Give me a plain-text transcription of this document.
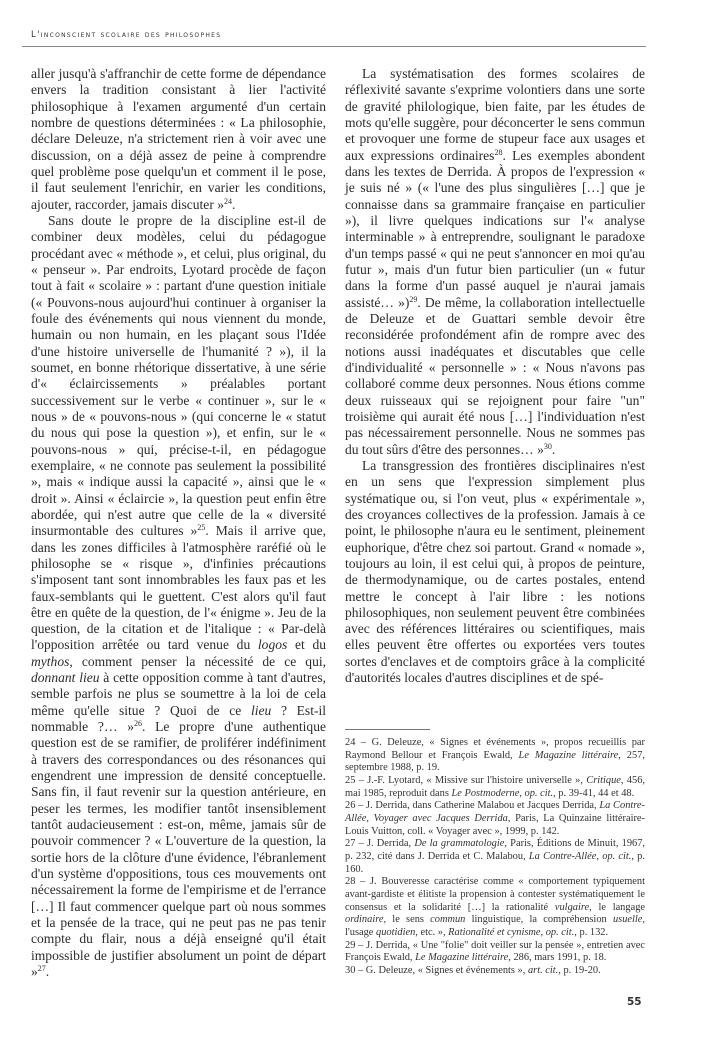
L'inconscient scolaire des philosophes

aller jusqu'à s'affranchir de cette forme de dépendance envers la tradition consistant à lier l'activité philosophique à l'examen argumenté d'un certain nombre de questions déterminées : « La philosophie, déclare Deleuze, n'a strictement rien à voir avec une discussion, on a déjà assez de peine à comprendre quel problème pose quelqu'un et comment il le pose, il faut seulement l'enrichir, en varier les conditions, ajouter, raccorder, jamais discuter »$^{24}$.

Sans doute le propre de la discipline est-il de combiner deux modèles, celui du pédagogue procédant avec « méthode », et celui, plus original, du « penseur ». Par endroits, Lyotard procède de façon tout à fait « scolaire » : partant d'une question initiale (« Pouvons-nous aujourd'hui continuer à organiser la foule des événements qui nous viennent du monde, humain ou non humain, en les plaçant sous l'Idée d'une histoire universelle de l'humanité ? »), il la soumet, en bonne rhétorique dissertative, à une série d'« éclaircissements » préalables portant successivement sur le verbe « continuer », sur le « nous » de « pouvons-nous » (qui concerne le « statut du nous qui pose la question »), et enfin, sur le « pouvons-nous » qui, précise-t-il, en pédagogue exemplaire, « ne connote pas seulement la possibilité », mais « indique aussi la capacité », ainsi que le « droit ». Ainsi « éclaircie », la question peut enfin être abordée, qui n'est autre que celle de la « diversité insurmontable des cultures »$^{25}$. Mais il arrive que, dans les zones difficiles à l'atmosphère raréfié où le philosophe se « risque », d'infinies précautions s'imposent tant sont innombrables les faux pas et les faux-semblants qui le guettent. C'est alors qu'il faut être en quête de la question, de l'« énigme ». Jeu de la question, de la citation et de l'italique : « Par-delà l'opposition arrêtée ou tard venue du logos et du mythos, comment penser la nécessité de ce qui, donnant lieu à cette opposition comme à tant d'autres, semble parfois ne plus se soumettre à la loi de cela même qu'elle situe ? Quoi de ce lieu ? Est-il nommable ?… »$^{26}$. Le propre d'une authentique question est de se ramifier, de proliférer indéfiniment à travers des correspondances ou des résonances qui engendrent une impression de densité conceptuelle. Sans fin, il faut revenir sur la question antérieure, en peser les termes, les modifier tantôt insensiblement tantôt audacieusement : est-on, même, jamais sûr de pouvoir commencer ? « L'ouverture de la question, la sortie hors de la clôture d'une évidence, l'ébranlement d'un système d'oppositions, tous ces mouvements ont nécessairement la forme de l'empirisme et de l'errance […] Il faut commencer quelque part où nous sommes et la pensée de la trace, qui ne peut pas ne pas tenir compte du flair, nous a déjà enseigné qu'il était impossible de justifier absolument un point de départ »$^{27}$.

La systématisation des formes scolaires de réflexivité savante s'exprime volontiers dans une sorte de gravité philologique, bien faite, par les études de mots qu'elle suggère, pour déconcerter le sens commun et provoquer une forme de stupeur face aux usages et aux expressions ordinaires$^{28}$. Les exemples abondent dans les textes de Derrida. À propos de l'expression « je suis né » (« l'une des plus singulières […] que je connaisse dans sa grammaire française en particulier »), il livre quelques indications sur l'« analyse interminable » à entreprendre, soulignant le paradoxe d'un temps passé « qui ne peut s'annoncer en moi qu'au futur », mais d'un futur bien particulier (un « futur dans la forme d'un passé auquel je n'aurai jamais assisté… »)$^{29}$. De même, la collaboration intellectuelle de Deleuze et de Guattari semble devoir être reconsidérée profondément afin de rompre avec des notions aussi inadéquates et discutables que celle d'individualité « personnelle » : « Nous n'avons pas collaboré comme deux personnes. Nous étions comme deux ruisseaux qui se rejoignent pour faire "un" troisième qui aurait été nous […] l'individuation n'est pas nécessairement personnelle. Nous ne sommes pas du tout sûrs d'être des personnes… »$^{30}$.

La transgression des frontières disciplinaires n'est en un sens que l'expression simplement plus systématique ou, si l'on veut, plus « expérimentale », des croyances collectives de la profession. Jamais à ce point, le philosophe n'aura eu le sentiment, pleinement euphorique, d'être chez soi partout. Grand « nomade », toujours au loin, il est celui qui, à propos de peinture, de thermodynamique, ou de cartes postales, entend mettre le concept à l'air libre : les notions philosophiques, non seulement peuvent être combinées avec des références littéraires ou scientifiques, mais elles peuvent être offertes ou exportées vers toutes sortes d'enclaves et de comptoirs grâce à la complicité d'autorités locales d'autres disciplines et de spé-

24 – G. Deleuze, « Signes et événements », propos recueillis par Raymond Bellour et François Ewald, Le Magazine littéraire, 257, septembre 1988, p. 19.

25 – J.-F. Lyotard, « Missive sur l'histoire universelle », Critique, 456, mai 1985, reproduit dans Le Postmoderne, op. cit., p. 39-41, 44 et 48.

26 – J. Derrida, dans Catherine Malabou et Jacques Derrida, La Contre-Allée, Voyager avec Jacques Derrida, Paris, La Quinzaine littéraire-Louis Vuitton, coll. « Voyager avec », 1999, p. 142.

27 – J. Derrida, De la grammatologie, Paris, Éditions de Minuit, 1967, p. 232, cité dans J. Derrida et C. Malabou, La Contre-Allée, op. cit., p. 160.

28 – J. Bouveresse caractérise comme « comportement typiquement avant-gardiste et élitiste la propension à contester systématiquement le consensus et la solidarité […] la rationalité vulgaire, le langage ordinaire, le sens commun linguistique, la compréhension usuelle, l'usage quotidien, etc. », Rationalité et cynisme, op. cit., p. 132.

29 – J. Derrida, « Une "folie" doit veiller sur la pensée », entretien avec François Ewald, Le Magazine littéraire, 286, mars 1991, p. 18.

30 – G. Deleuze, « Signes et événements », art. cit., p. 19-20.

55
